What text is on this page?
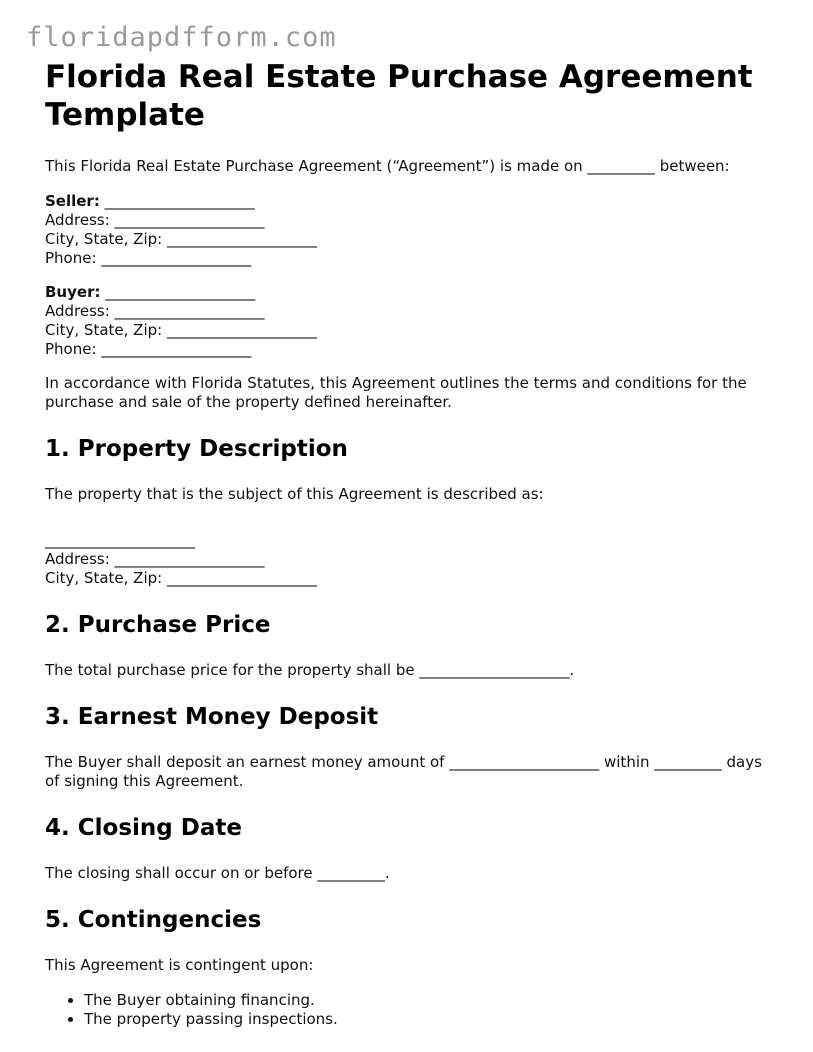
floridapdfform.com
Florida Real Estate Purchase Agreement Template

This Florida Real Estate Purchase Agreement (“Agreement”) is made on _________ between:

Seller: ____________________
Address: ____________________
City, State, Zip: ____________________
Phone: ____________________
Buyer: ____________________
Address: ____________________
City, State, Zip: ____________________
Phone: ____________________

In accordance with Florida Statutes, this Agreement outlines the terms and conditions for the purchase and sale of the property defined hereinafter.

1. Property Description

The property that is the subject of this Agreement is described as:

____________________
Address: ____________________
City, State, Zip: ____________________
2. Purchase Price

The total purchase price for the property shall be ____________________.

3. Earnest Money Deposit

The Buyer shall deposit an earnest money amount of ____________________ within _________ days of signing this Agreement.

4. Closing Date

The closing shall occur on or before _________.

5. Contingencies

This Agreement is contingent upon:

• The Buyer obtaining financing.
• The property passing inspections.
